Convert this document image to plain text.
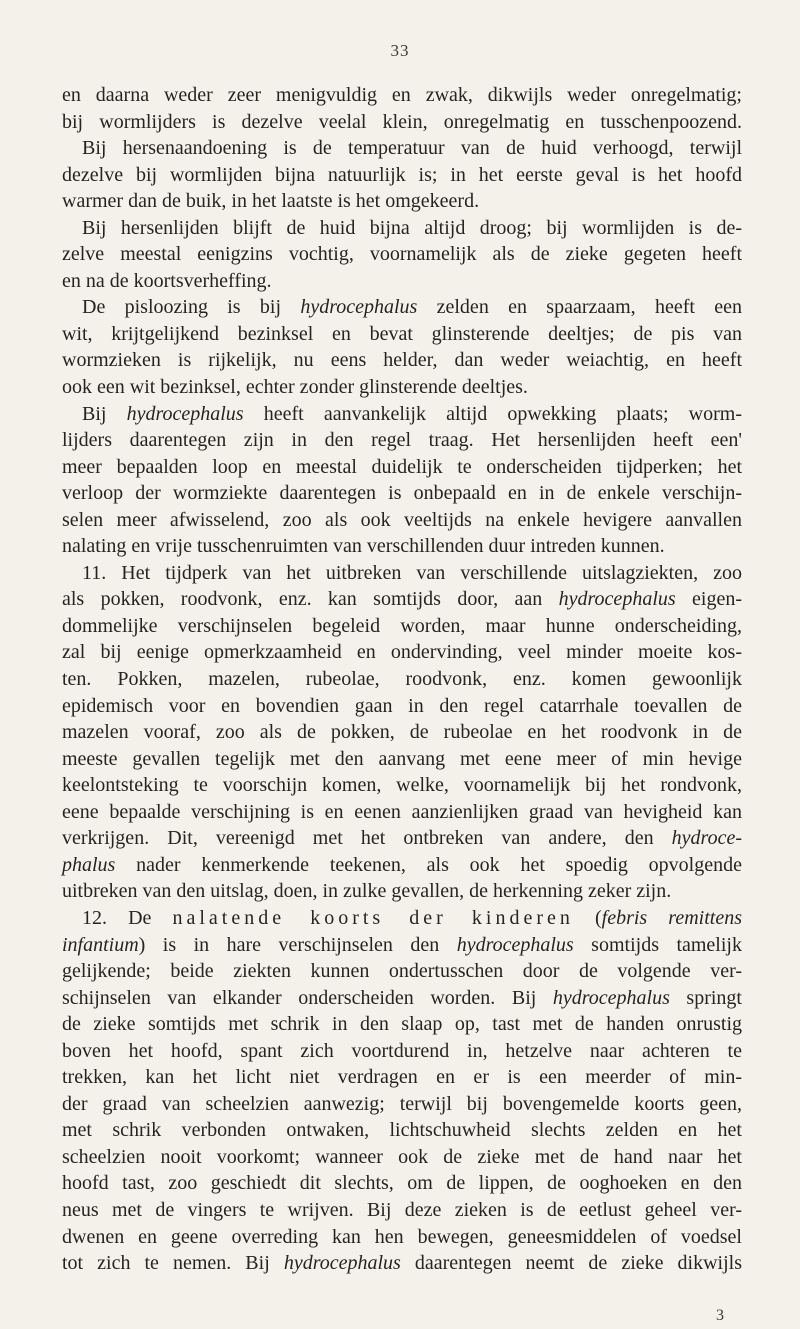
33
en daarna weder zeer menigvuldig en zwak, dikwijls weder onregelmatig;
bij wormlijders is dezelve veelal klein, onregelmatig en tusschenpoozend.
Bij hersenaandoening is de temperatuur van de huid verhoogd, terwijl
dezelve bij wormlijden bijna natuurlijk is; in het eerste geval is het hoofd
warmer dan de buik, in het laatste is het omgekeerd.
Bij hersenlijden blijft de huid bijna altijd droog; bij wormlijden is de-
zelve meestal eenigzins vochtig, voornamelijk als de zieke gegeten heeft
en na de koortsverheffing.
De pisloozing is bij hydrocephalus zelden en spaarzaam, heeft een
wit, krijtgelijkend bezinksel en bevat glinsterende deeltjes; de pis van
wormzieken is rijkelijk, nu eens helder, dan weder weiachtig, en heeft
ook een wit bezinksel, echter zonder glinsterende deeltjes.
Bij hydrocephalus heeft aanvankelijk altijd opwekking plaats; worm-
lijders daarentegen zijn in den regel traag. Het hersenlijden heeft een'
meer bepaalden loop en meestal duidelijk te onderscheiden tijdperken; het
verloop der wormziekte daarentegen is onbepaald en in de enkele verschijn-
selen meer afwisselend, zoo als ook veeltijds na enkele hevigere aanvallen
nalating en vrije tusschenruimten van verschillenden duur intreden kunnen.
11. Het tijdperk van het uitbreken van verschillende uitslagziekten, zoo
als pokken, roodvonk, enz. kan somtijds door, aan hydrocephalus eigen-
dommelijke verschijnselen begeleid worden, maar hunne onderscheiding,
zal bij eenige opmerkzaamheid en ondervinding, veel minder moeite kos-
ten. Pokken, mazelen, rubeolae, roodvonk, enz. komen gewoonlijk
epidemisch voor en bovendien gaan in den regel catarrhale toevallen de
mazelen vooraf, zoo als de pokken, de rubeolae en het roodvonk in de
meeste gevallen tegelijk met den aanvang met eene meer of min hevige
keelontsteking te voorschijn komen, welke, voornamelijk bij het rondvonk,
eene bepaalde verschijning is en eenen aanzienlijken graad van hevigheid kan
verkrijgen. Dit, vereenigd met het ontbreken van andere, den hydroce-
phalus nader kenmerkende teekenen, als ook het spoedig opvolgende
uitbreken van den uitslag, doen, in zulke gevallen, de herkenning zeker zijn.
12. De nalatende koorts der kinderen (febris remittens
infantium) is in hare verschijnselen den hydrocephalus somtijds tamelijk
gelijkende; beide ziekten kunnen ondertusschen door de volgende ver-
schijnselen van elkander onderscheiden worden. Bij hydrocephalus springt
de zieke somtijds met schrik in den slaap op, tast met de handen onrustig
boven het hoofd, spant zich voortdurend in, hetzelve naar achteren te
trekken, kan het licht niet verdragen en er is een meerder of min-
der graad van scheelzien aanwezig; terwijl bij bovengemelde koorts geen,
met schrik verbonden ontwaken, lichtschuwheid slechts zelden en het
scheelzien nooit voorkomt; wanneer ook de zieke met de hand naar het
hoofd tast, zoo geschiedt dit slechts, om de lippen, de ooghoeken en den
neus met de vingers te wrijven. Bij deze zieken is de eetlust geheel ver-
dwenen en geene overreding kan hen bewegen, geneesmiddelen of voedsel
tot zich te nemen. Bij hydrocephalus daarentegen neemt de zieke dikwijls
3
